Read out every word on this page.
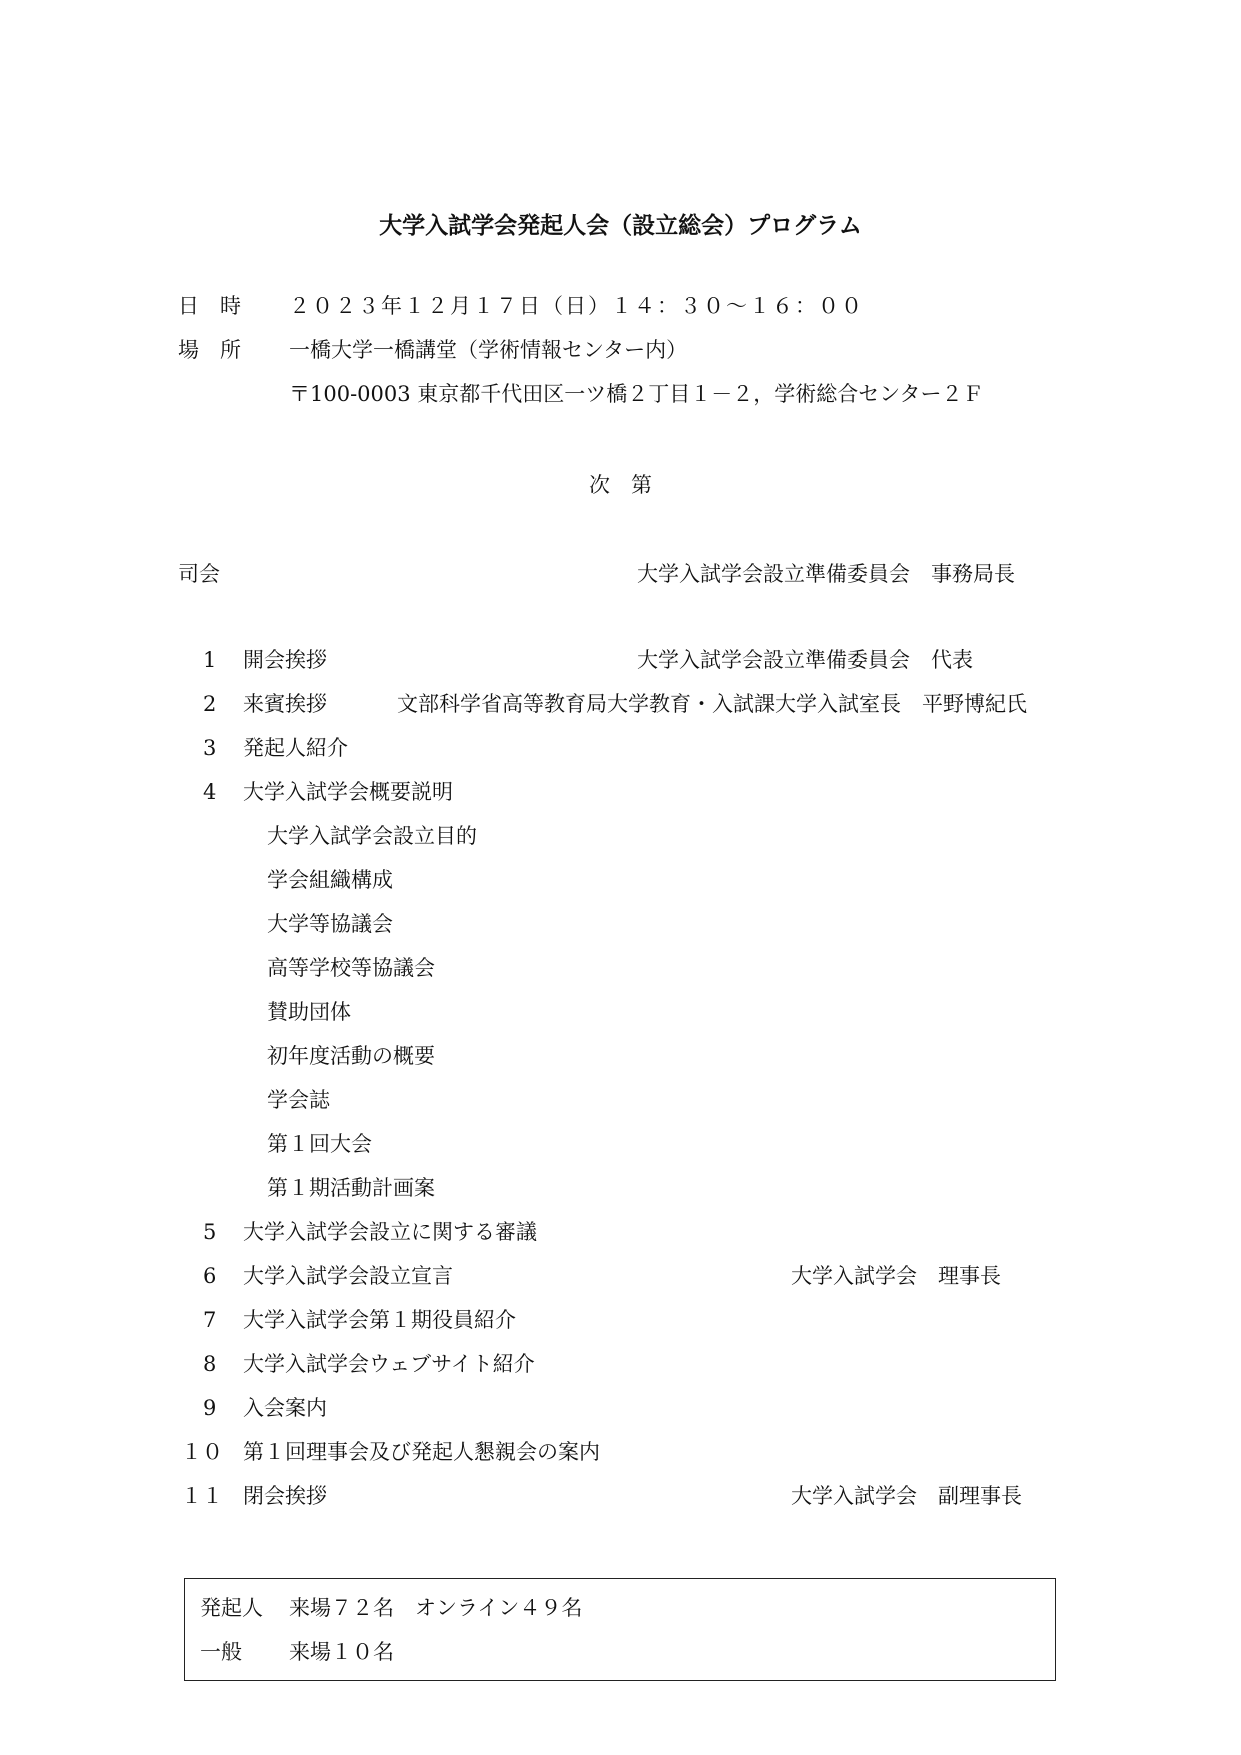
大学入試学会発起人会（設立総会）プログラム
日　時 ２０２３年１２月１７日（日）１４：３０～１６：００
場　所 一橋大学一橋講堂（学術情報センター内）
〒100-0003 東京都千代田区一ツ橋２丁目１－２，学術総合センター２Ｆ
次　第
司会	大学入試学会設立準備委員会　事務局長
1 開会挨拶	大学入試学会設立準備委員会　代表
2 来賓挨拶	文部科学省高等教育局大学教育・入試課大学入試室長　平野博紀氏
3 発起人紹介
4 大学入試学会概要説明
大学入試学会設立目的
学会組織構成
大学等協議会
高等学校等協議会
賛助団体
初年度活動の概要
学会誌
第１回大会
第１期活動計画案
5 大学入試学会設立に関する審議
6 大学入試学会設立宣言	大学入試学会　理事長
7 大学入試学会第１期役員紹介
8 大学入試学会ウェブサイト紹介
9 入会案内
１０ 第１回理事会及び発起人懇親会の案内
１１ 閉会挨拶	大学入試学会　副理事長
発起人 来場７２名　オンライン４９名
一般 来場１０名
